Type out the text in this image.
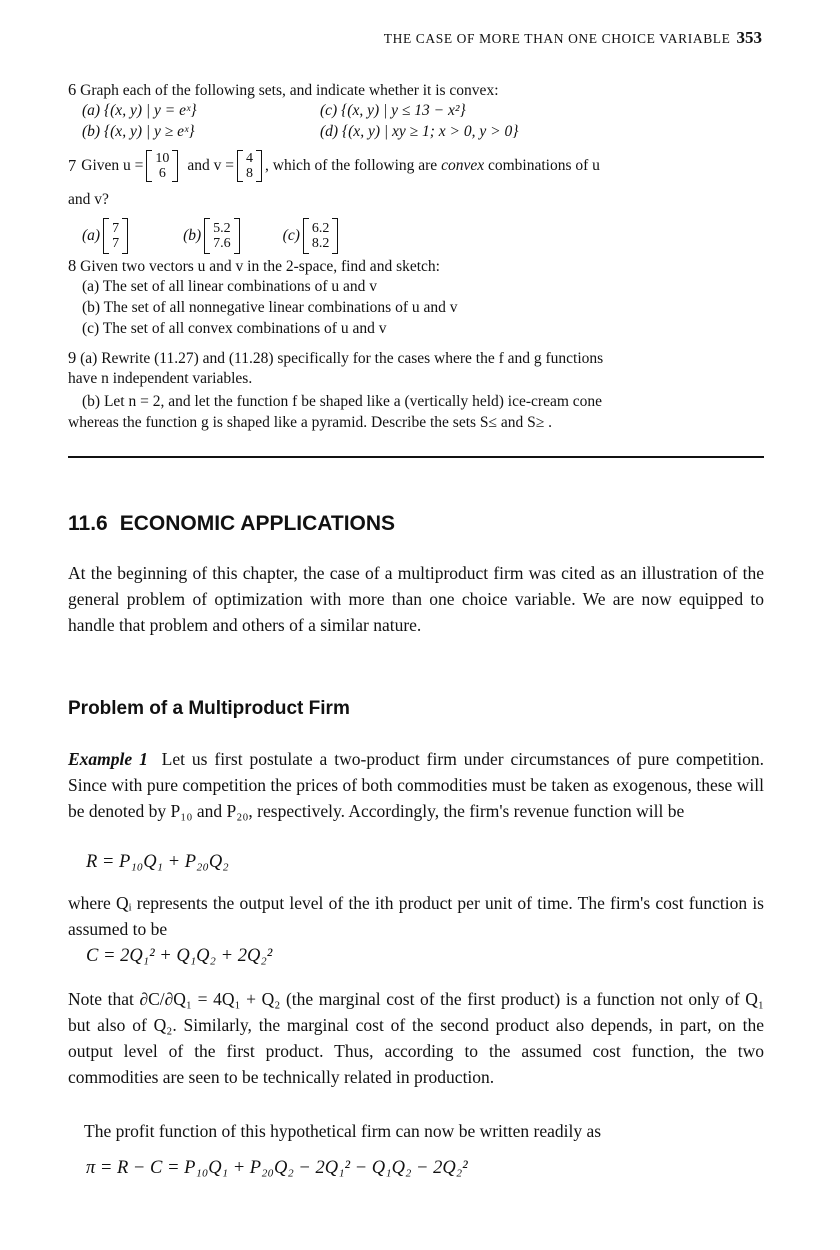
THE CASE OF MORE THAN ONE CHOICE VARIABLE 353
6 Graph each of the following sets, and indicate whether it is convex:
(a) {(x, y) | y = eˣ}	(c) {(x, y) | y ≤ 13 − x²}
(b) {(x, y) | y ≥ eˣ}	(d) {(x, y) | xy ≥ 1; x > 0, y > 0}
7 Given u = 10
6 and v = 4
8 , which of the following are convex combinations of u
and v?
(a) 7
7	(b) 5.2
7.6	(c) 6.2
8.2
8 Given two vectors u and v in the 2-space, find and sketch:
(a) The set of all linear combinations of u and v
(b) The set of all nonnegative linear combinations of u and v
(c) The set of all convex combinations of u and v
9 (a) Rewrite (11.27) and (11.28) specifically for the cases where the f and g functions
have n independent variables.
(b) Let n = 2, and let the function f be shaped like a (vertically held) ice-cream cone
whereas the function g is shaped like a pyramid. Describe the sets S≤ and S≥ .
11.6 ECONOMIC APPLICATIONS
At the beginning of this chapter, the case of a multiproduct firm was cited as an illustration of the general problem of optimization with more than one choice variable. We are now equipped to handle that problem and others of a similar nature.
Problem of a Multiproduct Firm
Example 1 Let us first postulate a two-product firm under circumstances of pure competition. Since with pure competition the prices of both commodities must be taken as exogenous, these will be denoted by P₁₀ and P₂₀, respectively. Accordingly, the firm's revenue function will be
R = P₁₀Q₁ + P₂₀Q₂
where Qᵢ represents the output level of the ith product per unit of time. The firm's cost function is assumed to be
C = 2Q₁² + Q₁Q₂ + 2Q₂²
Note that ∂C/∂Q₁ = 4Q₁ + Q₂ (the marginal cost of the first product) is a function not only of Q₁ but also of Q₂. Similarly, the marginal cost of the second product also depends, in part, on the output level of the first product. Thus, according to the assumed cost function, the two commodities are seen to be technically related in production.
The profit function of this hypothetical firm can now be written readily as
π = R − C = P₁₀Q₁ + P₂₀Q₂ − 2Q₁² − Q₁Q₂ − 2Q₂²
